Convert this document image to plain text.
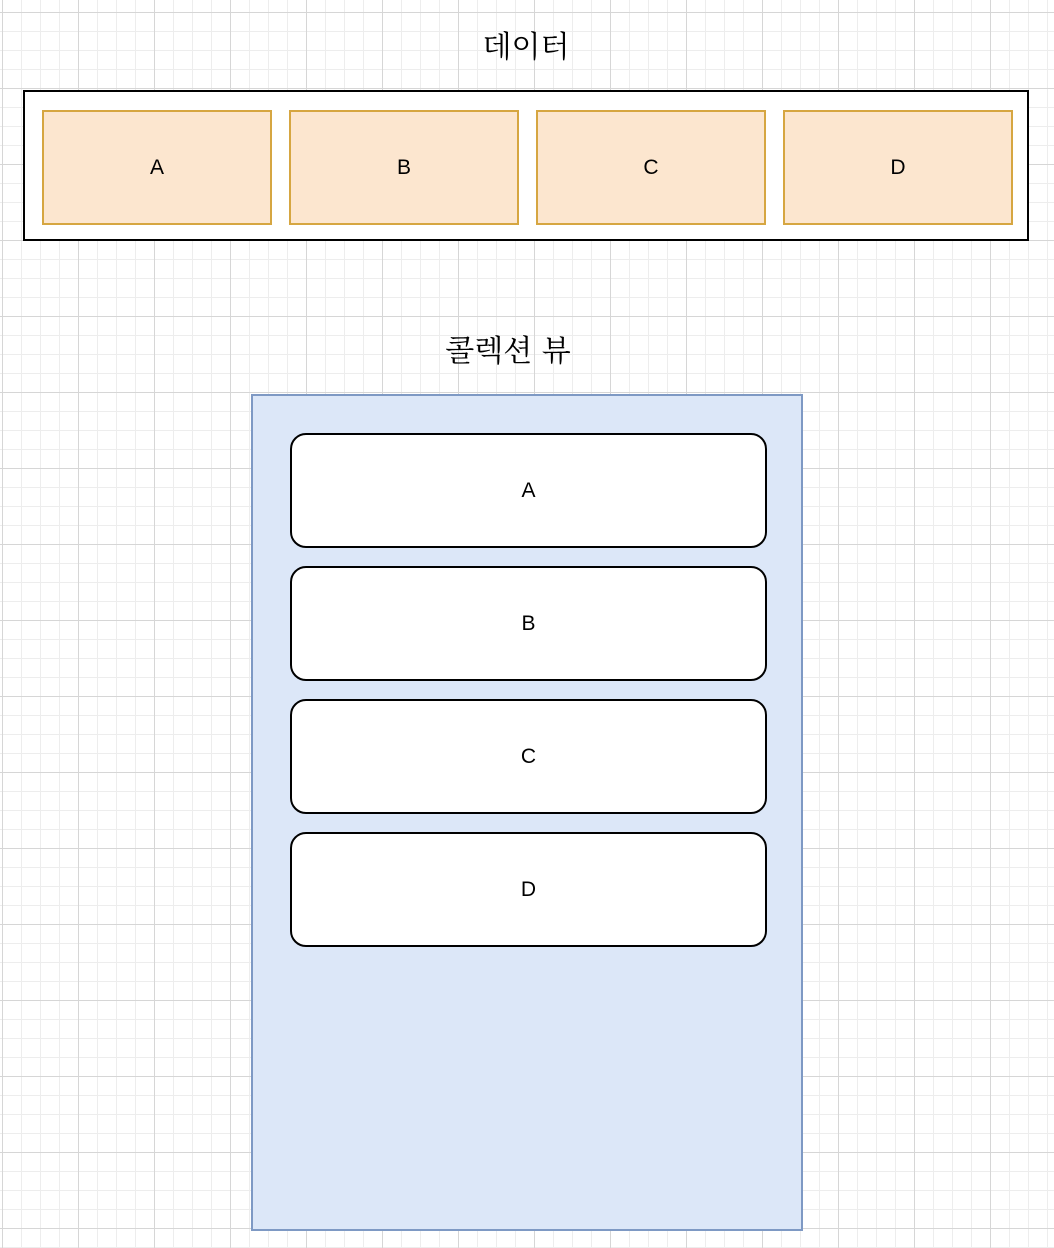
데이터
A	B	C	D
콜렉션 뷰
A
B
C
D
